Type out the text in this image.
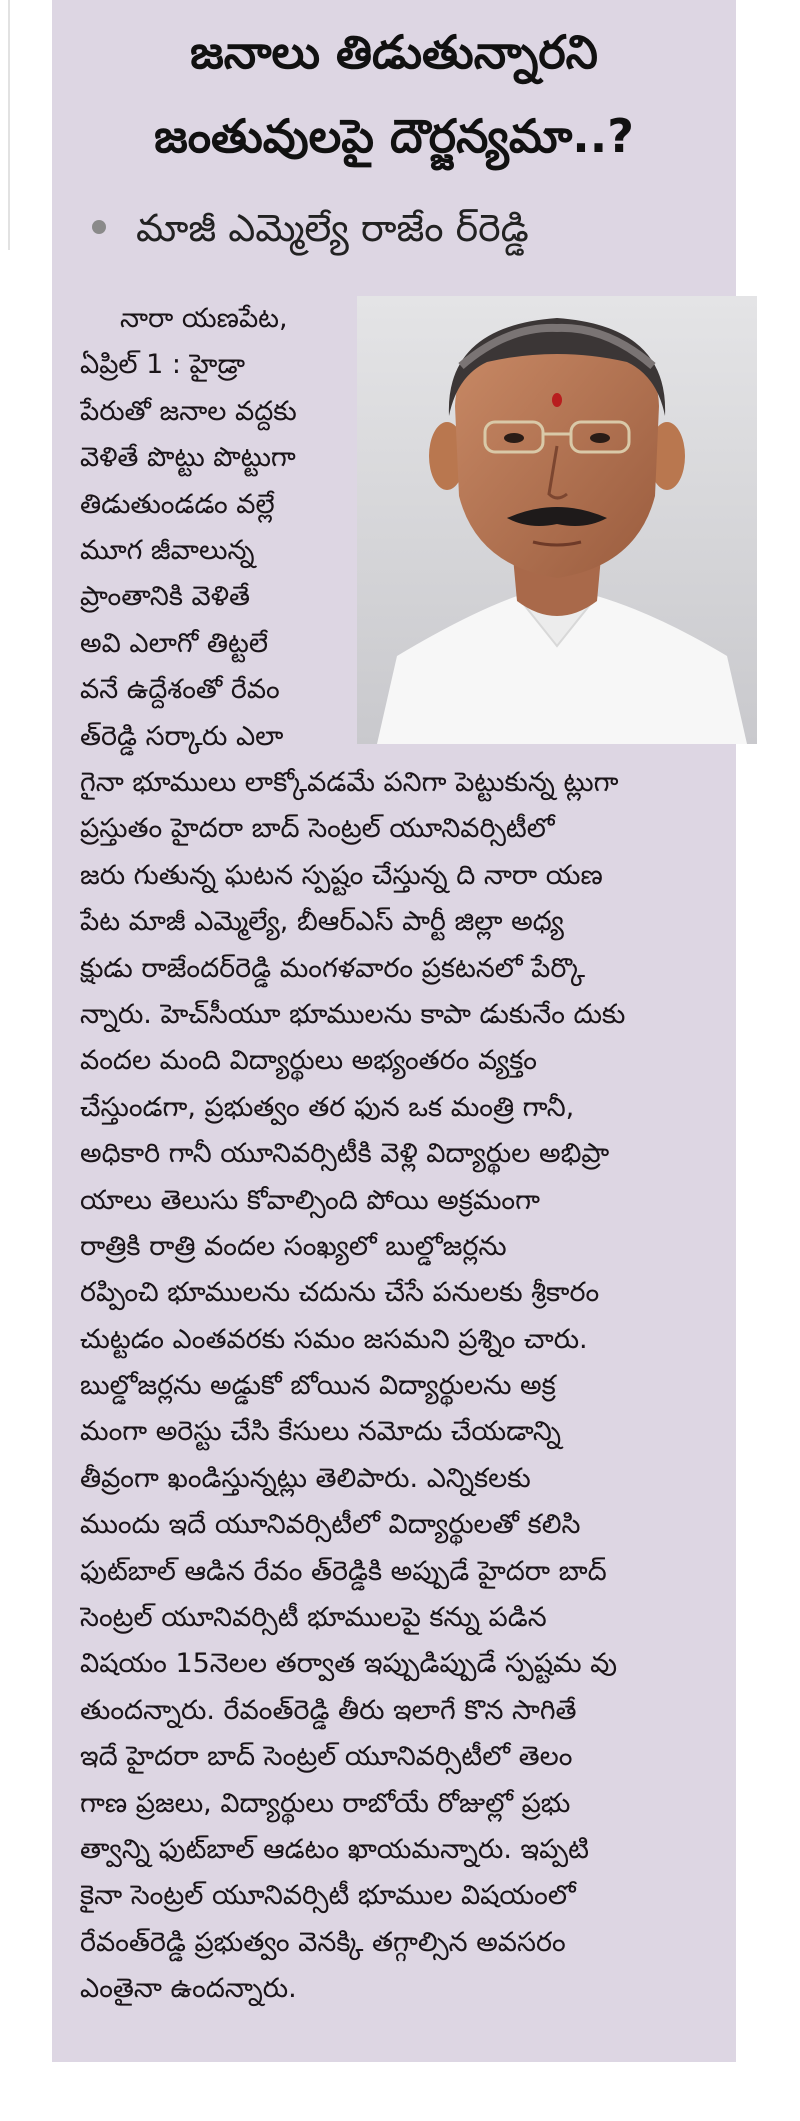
జనాలు తిడుతున్నారని
జంతువులపై దౌర్జన్యమా..?
మాజీ ఎమ్మెల్యే రాజేం ర్‌రెడ్డి
నారా యణపేట,
ఏప్రిల్ 1 : హైడ్రా
పేరుతో జనాల వద్దకు
వెళితే పొట్టు పొట్టుగా
తిడుతుండడం వల్లే
మూగ జీవాలున్న
ప్రాంతానికి వెళితే
అవి ఎలాగో తిట్టలే
వనే ఉద్దేశంతో రేవం
త్‌రెడ్డి సర్కారు ఎలా
గైనా భూములు లాక్కోవడమే పనిగా పెట్టుకున్న ట్లుగా
ప్రస్తుతం హైదరా బాద్ సెంట్రల్ యూనివర్సిటీలో
జరు గుతున్న ఘటన స్పష్టం చేస్తున్న ది నారా యణ
పేట మాజీ ఎమ్మెల్యే, బీఆర్ఎస్ పార్టీ జిల్లా అధ్య
క్షుడు రాజేందర్‌రెడ్డి మంగళవారం ప్రకటనలో పేర్కొ
న్నారు. హెచ్‌సీయూ భూములను కాపా డుకునేం దుకు
వందల మంది విద్యార్థులు అభ్యంతరం వ్యక్తం
చేస్తుండగా, ప్రభుత్వం తర ఫున ఒక మంత్రి గానీ,
అధికారి గానీ యూనివర్సిటీకి వెళ్లి విద్యార్థుల అభిప్రా
యాలు తెలుసు కోవాల్సింది పోయి అక్రమంగా
రాత్రికి రాత్రి వందల సంఖ్యలో బుల్డోజర్లను
రప్పించి భూములను చదును చేసే పనులకు శ్రీకారం
చుట్టడం ఎంతవరకు సమం జసమని ప్రశ్నిం చారు.
బుల్డోజర్లను అడ్డుకో బోయిన విద్యార్థులను అక్ర
మంగా అరెస్టు చేసి కేసులు నమోదు చేయడాన్ని
తీవ్రంగా ఖండిస్తున్నట్లు తెలిపారు. ఎన్నికలకు
ముందు ఇదే యూనివర్సిటీలో విద్యార్థులతో కలిసి
ఫుట్‌బాల్ ఆడిన రేవం త్‌రెడ్డికి అప్పుడే హైదరా బాద్
సెంట్రల్ యూనివర్సిటీ భూములపై కన్ను పడిన
విషయం 15నెలల తర్వాత ఇప్పుడిప్పుడే స్పష్టమ వు
తుందన్నారు. రేవంత్‌రెడ్డి తీరు ఇలాగే కొన సాగితే
ఇదే హైదరా బాద్ సెంట్రల్ యూనివర్సిటీలో తెలం
గాణ ప్రజలు, విద్యార్థులు రాబోయే రోజుల్లో ప్రభు
త్వాన్ని ఫుట్‌బాల్ ఆడటం ఖాయమన్నారు. ఇప్పటి
కైనా సెంట్రల్ యూనివర్సిటీ భూముల విషయంలో
రేవంత్‌రెడ్డి ప్రభుత్వం వెనక్కి తగ్గాల్సిన అవసరం
ఎంతైనా ఉందన్నారు.
